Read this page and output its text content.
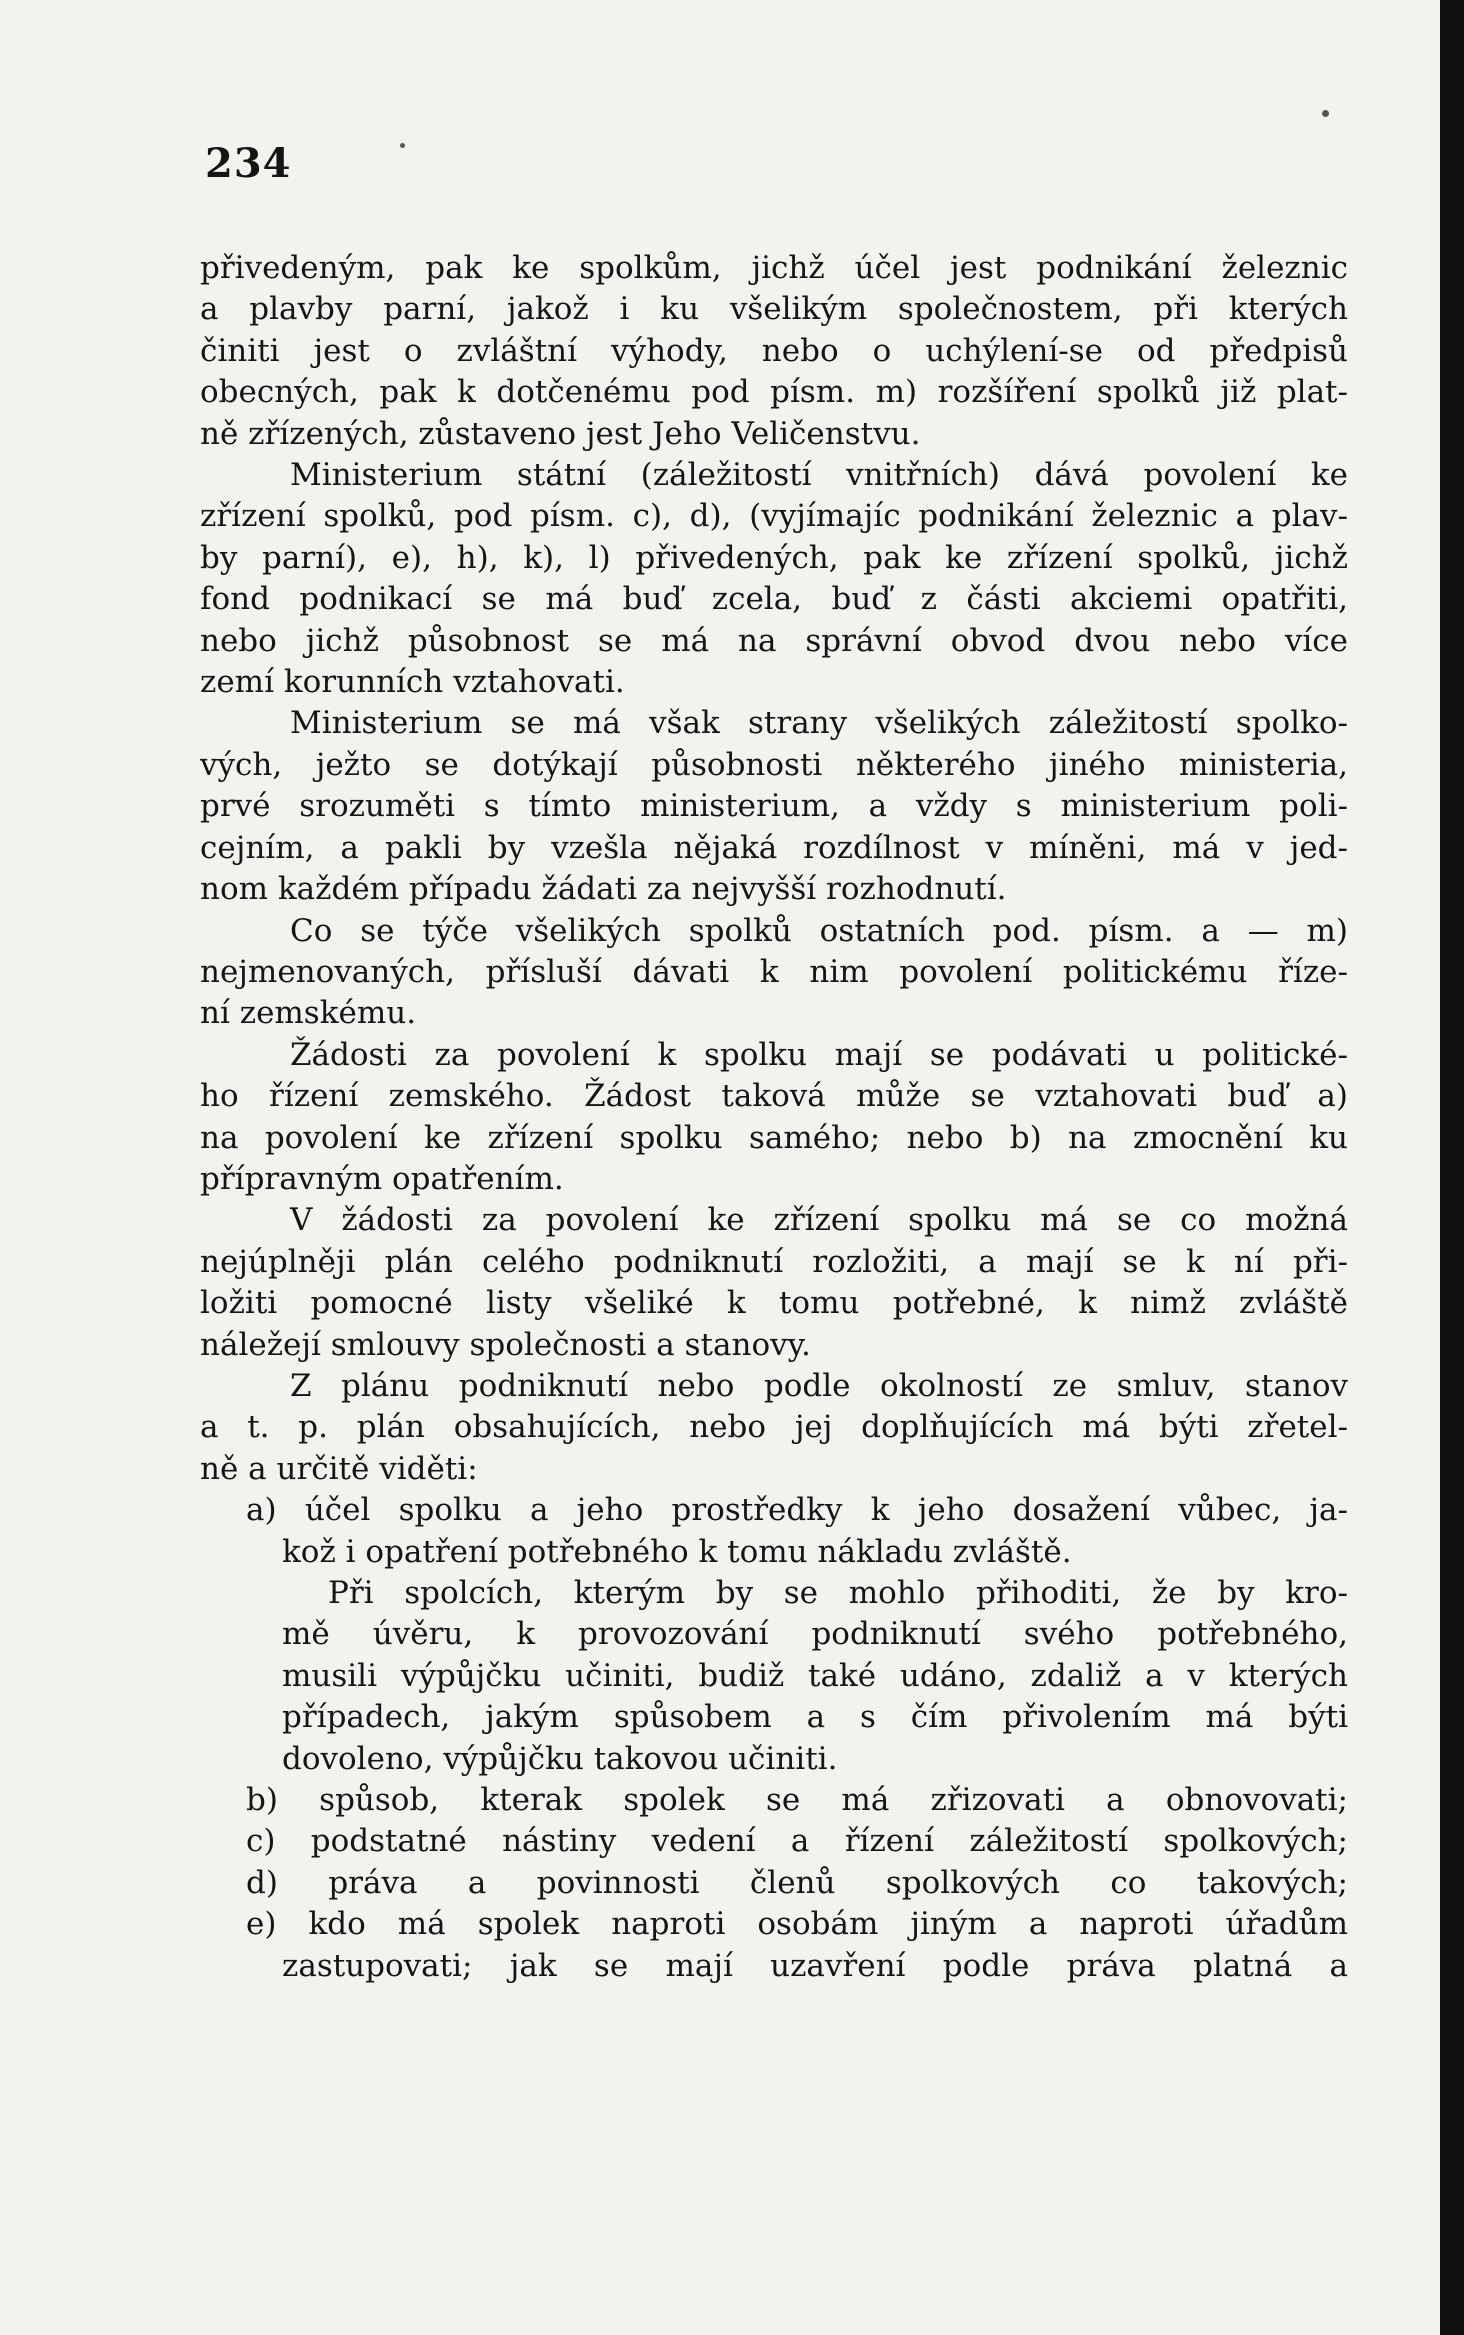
234
přivedeným, pak ke spolkům, jichž účel jest podnikání železnic
a plavby parní, jakož i ku všelikým společnostem, při kterých
činiti jest o zvláštní výhody, nebo o uchýlení-se od předpisů
obecných, pak k dotčenému pod písm. m) rozšíření spolků již plat-
ně zřízených, zůstaveno jest Jeho Veličenstvu.
Ministerium státní (záležitostí vnitřních) dává povolení ke
zřízení spolků, pod písm. c), d), (vyjímajíc podnikání železnic a plav-
by parní), e), h), k), l) přivedených, pak ke zřízení spolků, jichž
fond podnikací se má buď zcela, buď z části akciemi opatřiti,
nebo jichž působnost se má na správní obvod dvou nebo více
zemí korunních vztahovati.
Ministerium se má však strany všelikých záležitostí spolko-
vých, ježto se dotýkají působnosti některého jiného ministeria,
prvé srozuměti s tímto ministerium, a vždy s ministerium poli-
cejním, a pakli by vzešla nějaká rozdílnost v míněni, má v jed-
nom každém případu žádati za nejvyšší rozhodnutí.
Co se týče všelikých spolků ostatních pod. písm. a — m)
nejmenovaných, přísluší dávati k nim povolení politickému řízе-
ní zemskému.
Žádosti za povolení k spolku mají se podávati u politické-
ho řízení zemského. Žádost taková může se vztahovati buď a)
na povolení ke zřízení spolku samého; nebo b) na zmocnění ku
přípravným opatřením.
V žádosti za povolení ke zřízení spolku má se co možná
nejúplněji plán celého podniknutí rozložiti, a mají se k ní při-
ložiti pomocné listy všeliké k tomu potřebné, k nimž zvláště
náležejí smlouvy společnosti a stanovy.
Z plánu podniknutí nebo podle okolností ze smluv, stanov
a t. p. plán obsahujících, nebo jej doplňujících má býti zřetel-
ně a určitě viděti:
a) účel spolku a jeho prostředky k jeho dosažení vůbec, ja-
kož i opatření potřebného k tomu nákladu zvláště.
Při spolcích, kterým by se mohlo přihoditi, že by kro-
mě úvěru, k provozování podniknutí svého potřebného,
musili výpůjčku učiniti, budiž také udáno, zdaliž a v kterých
případech, jakým spůsobem a s čím přivolením má býti
dovoleno, výpůjčku takovou učiniti.
b) spůsob, kterak spolek se má zřizovati a obnovovati;
c) podstatné nástiny vedení a řízení záležitostí spolkových;
d) práva a povinnosti členů spolkových co takových;
e) kdo má spolek naproti osobám jiným a naproti úřadům
zastupovati; jak se mají uzavření podle práva platná a
